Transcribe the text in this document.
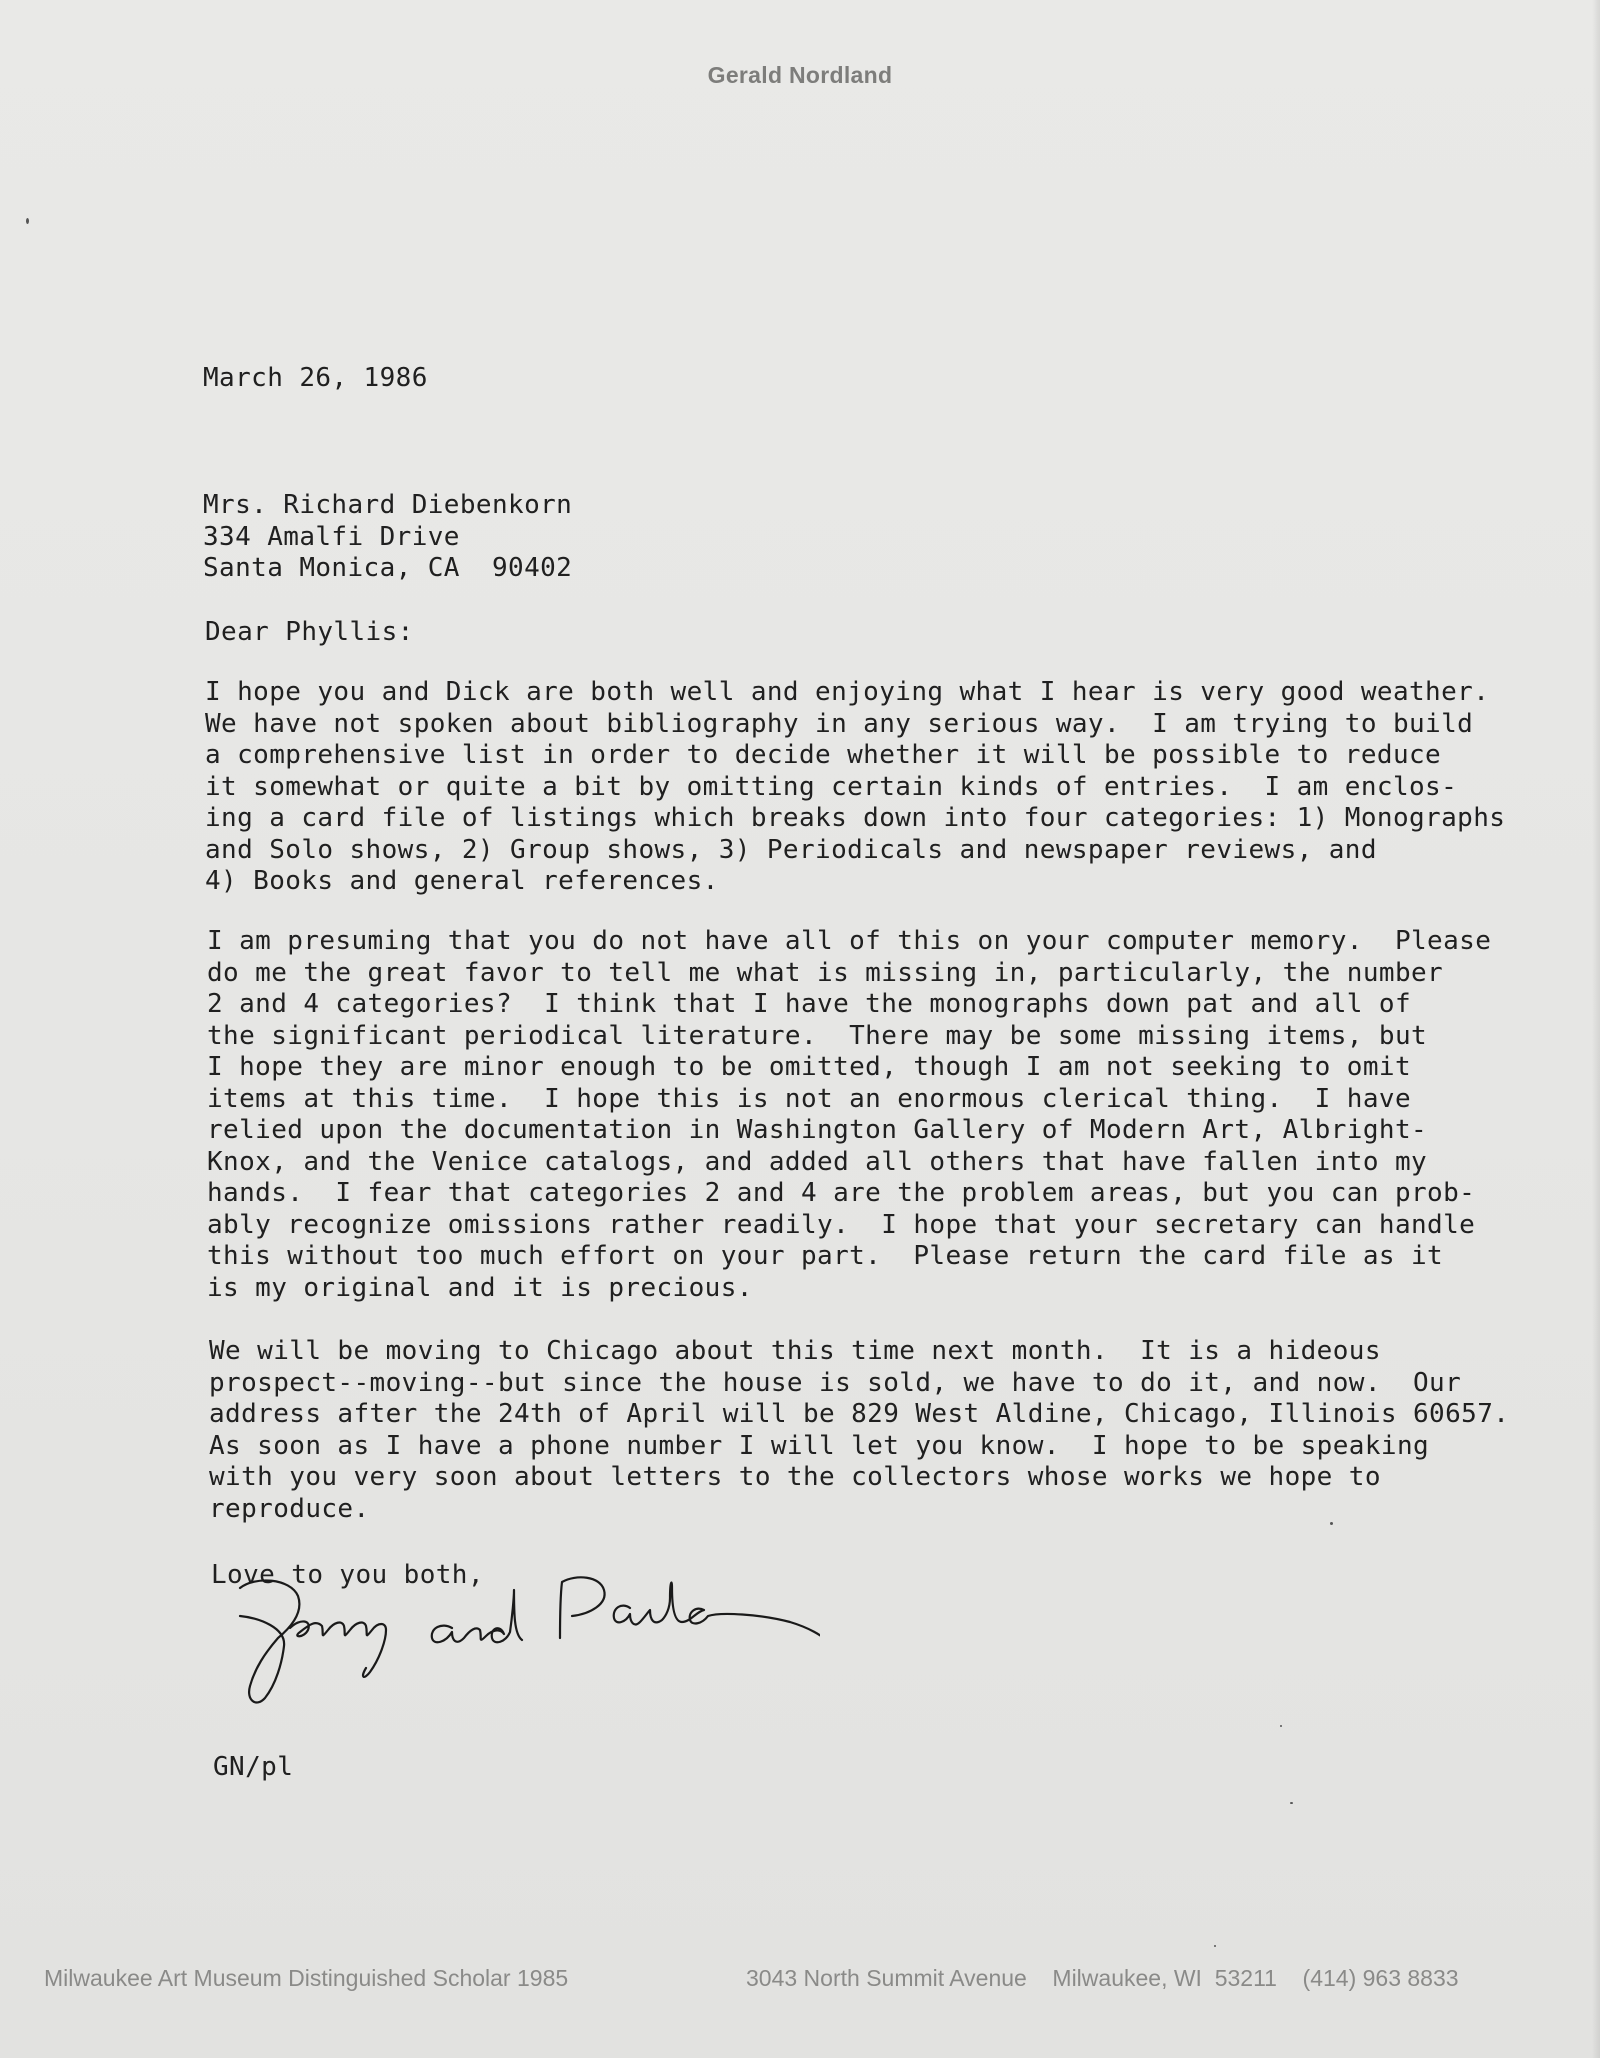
Gerald Nordland
March 26, 1986
Mrs. Richard Diebenkorn
334 Amalfi Drive
Santa Monica, CA  90402
Dear Phyllis:
I hope you and Dick are both well and enjoying what I hear is very good weather.
We have not spoken about bibliography in any serious way.  I am trying to build
a comprehensive list in order to decide whether it will be possible to reduce
it somewhat or quite a bit by omitting certain kinds of entries.  I am enclos-
ing a card file of listings which breaks down into four categories: 1) Monographs
and Solo shows, 2) Group shows, 3) Periodicals and newspaper reviews, and
4) Books and general references.
I am presuming that you do not have all of this on your computer memory.  Please
do me the great favor to tell me what is missing in, particularly, the number
2 and 4 categories?  I think that I have the monographs down pat and all of
the significant periodical literature.  There may be some missing items, but
I hope they are minor enough to be omitted, though I am not seeking to omit
items at this time.  I hope this is not an enormous clerical thing.  I have
relied upon the documentation in Washington Gallery of Modern Art, Albright-
Knox, and the Venice catalogs, and added all others that have fallen into my
hands.  I fear that categories 2 and 4 are the problem areas, but you can prob-
ably recognize omissions rather readily.  I hope that your secretary can handle
this without too much effort on your part.  Please return the card file as it
is my original and it is precious.
We will be moving to Chicago about this time next month.  It is a hideous
prospect--moving--but since the house is sold, we have to do it, and now.  Our
address after the 24th of April will be 829 West Aldine, Chicago, Illinois 60657.
As soon as I have a phone number I will let you know.  I hope to be speaking
with you very soon about letters to the collectors whose works we hope to
reproduce.
Love to you both,
GN/pl
Milwaukee Art Museum Distinguished Scholar 1985	3043 North Summit Avenue    Milwaukee, WI  53211    (414) 963 8833
